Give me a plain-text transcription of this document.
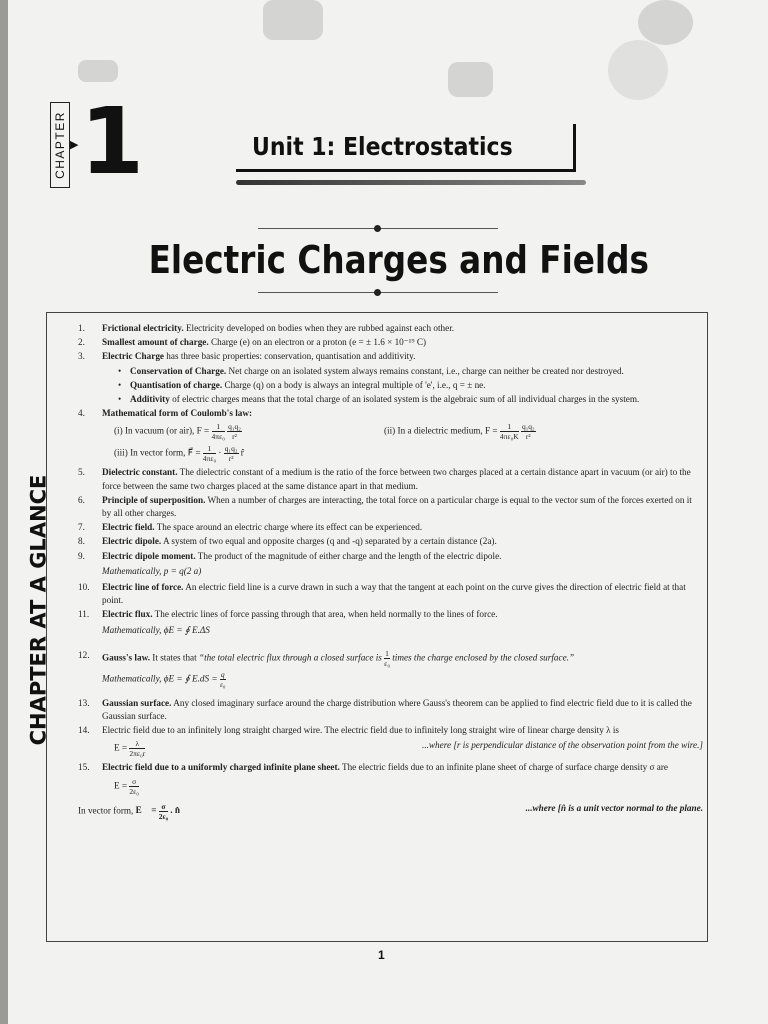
CHAPTER ▶ 1	Unit 1: Electrostatics
Electric Charges and Fields
CHAPTER AT A GLANCE
1.	Frictional electricity. Electricity developed on bodies when they are rubbed against each other.
2.	Smallest amount of charge. Charge (e) on an electron or a proton (e = ± 1.6 × 10⁻¹⁹ C)
3.	Electric Charge has three basic properties: conservation, quantisation and additivity.
• Conservation of Charge. Net charge on an isolated system always remains constant, i.e., charge can neither be created nor destroyed.
• Quantisation of charge. Charge (q) on a body is always an integral multiple of 'e', i.e., q = ± ne.
• Additivity of electric charges means that the total charge of an isolated system is the algebraic sum of all individual charges in the system.
4.	Mathematical form of Coulomb's law:
(i) In vacuum (or air), $F = \frac{1}{\text{4πε₀}}$
$\frac{\text{q₁q₂}}{\text{r²}}$	(ii) In a dielectric medium, $F = \frac{1}{\text{4πε₀K}}$
$\frac{\text{q₁q₂}}{\text{r²}}$
(iii) In vector form, F⃗ = $\frac{1}{\text{4πε₀}} \cdot \frac{\text{q₁q₂}}{\text{r²}}$ r̂
5.	Dielectric constant. The dielectric constant of a medium is the ratio of the force between two charges placed at a certain distance apart in vacuum (or air) to the force between the same two charges placed at the same distance apart in that medium.
6.	Principle of superposition. When a number of charges are interacting, the total force on a particular charge is equal to the vector sum of the forces exerted on it by all other charges.
7.	Electric field. The space around an electric charge where its effect can be experienced.
8.	Electric dipole. A system of two equal and opposite charges (q and -q) separated by a certain distance (2a).
9.	Electric dipole moment. The product of the magnitude of either charge and the length of the electric dipole.
Mathematically, p = q(2 a)
10.	Electric line of force. An electric field line is a curve drawn in such a way that the tangent at each point on the curve gives the direction of electric field at that point.
11.	Electric flux. The electric lines of force passing through that area, when held normally to the lines of force.
Mathematically, ϕE = ∮ E.ΔS
12.	Gauss's law. It states that “the total electric flux through a closed surface is $\frac{1}{\text{ε₀}}$ times the charge enclosed by the closed surface.”
Mathematically, ϕE = ∮ $E.dS = \frac{q}{\text{ε₀}}$
13.	Gaussian surface. Any closed imaginary surface around the charge distribution where Gauss's theorem can be applied to find electric field due to it is called the Gaussian surface.
14.	Electric field due to an infinitely long straight charged wire. The electric field due to infinitely long straight wire of linear charge density λ is
$E = \frac{\lambda}{\text{2πε₀r}}$	...where [r is perpendicular distance of the observation point from the wire.]
15.	Electric field due to a uniformly charged infinite plane sheet. The electric fields due to an infinite plane sheet of charge of surface charge density σ are
$E = \frac{\sigma}{\text{2ε₀}}$
In vector form, E⃗ = $\frac{\sigma}{\text{2ε₀}}$ . n̂	...where [n̂ is a unit vector normal to the plane.
1
